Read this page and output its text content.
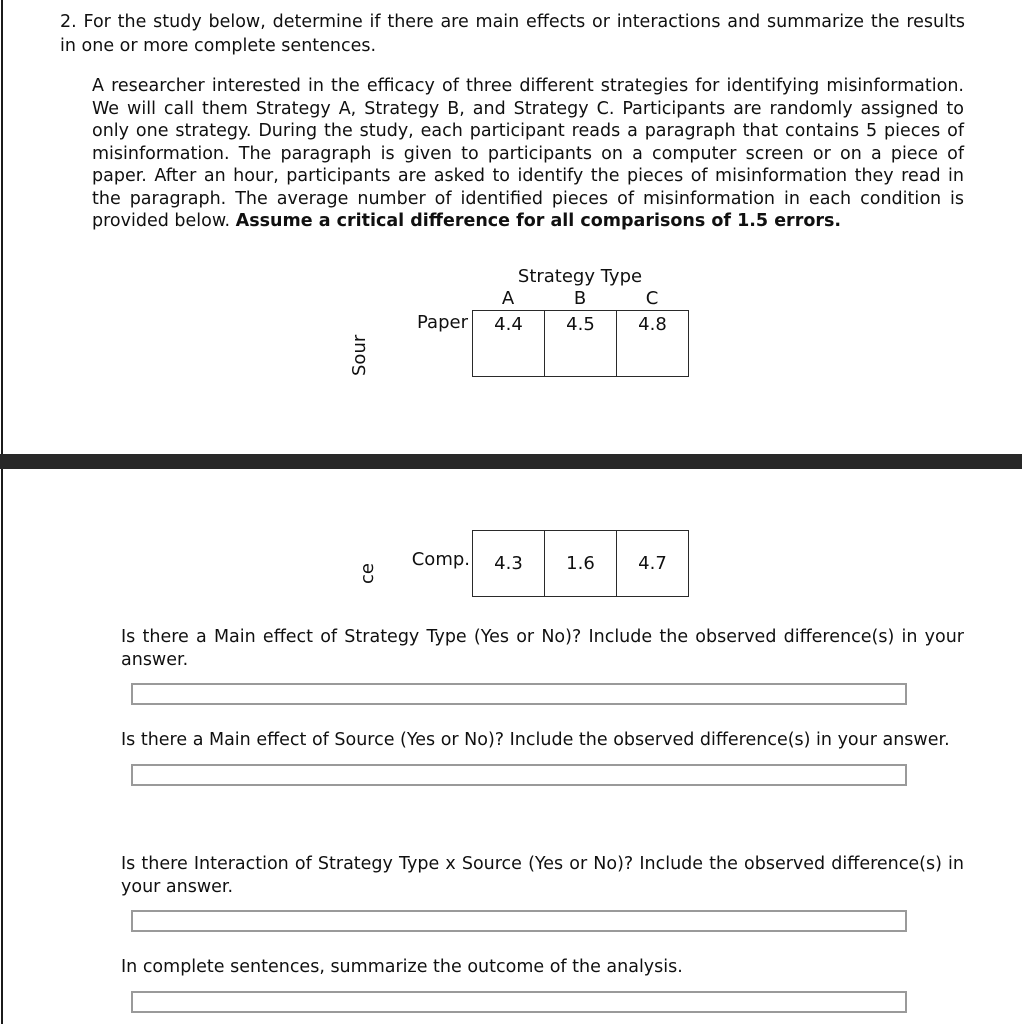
2. For the study below, determine if there are main effects or interactions and summarize the results in one or more complete sentences.
A researcher interested in the efficacy of three different strategies for identifying misinformation. We will call them Strategy A, Strategy B, and Strategy C. Participants are randomly assigned to only one strategy. During the study, each participant reads a paragraph that contains 5 pieces of misinformation. The paragraph is given to participants on a computer screen or on a piece of paper. After an hour, participants are asked to identify the pieces of misinformation they read in the paragraph. The average number of identified pieces of misinformation in each condition is provided below. Assume a critical difference for all comparisons of 1.5 errors.
Strategy Type
A	B	C
Sour
Paper	4.4	4.5	4.8
ce
Comp.	4.3	1.6	4.7

Is there a Main effect of Strategy Type (Yes or No)? Include the observed difference(s) in your answer.

Is there a Main effect of Source (Yes or No)? Include the observed difference(s) in your answer.

Is there Interaction of Strategy Type x Source (Yes or No)? Include the observed difference(s) in your answer.

In complete sentences, summarize the outcome of the analysis.
